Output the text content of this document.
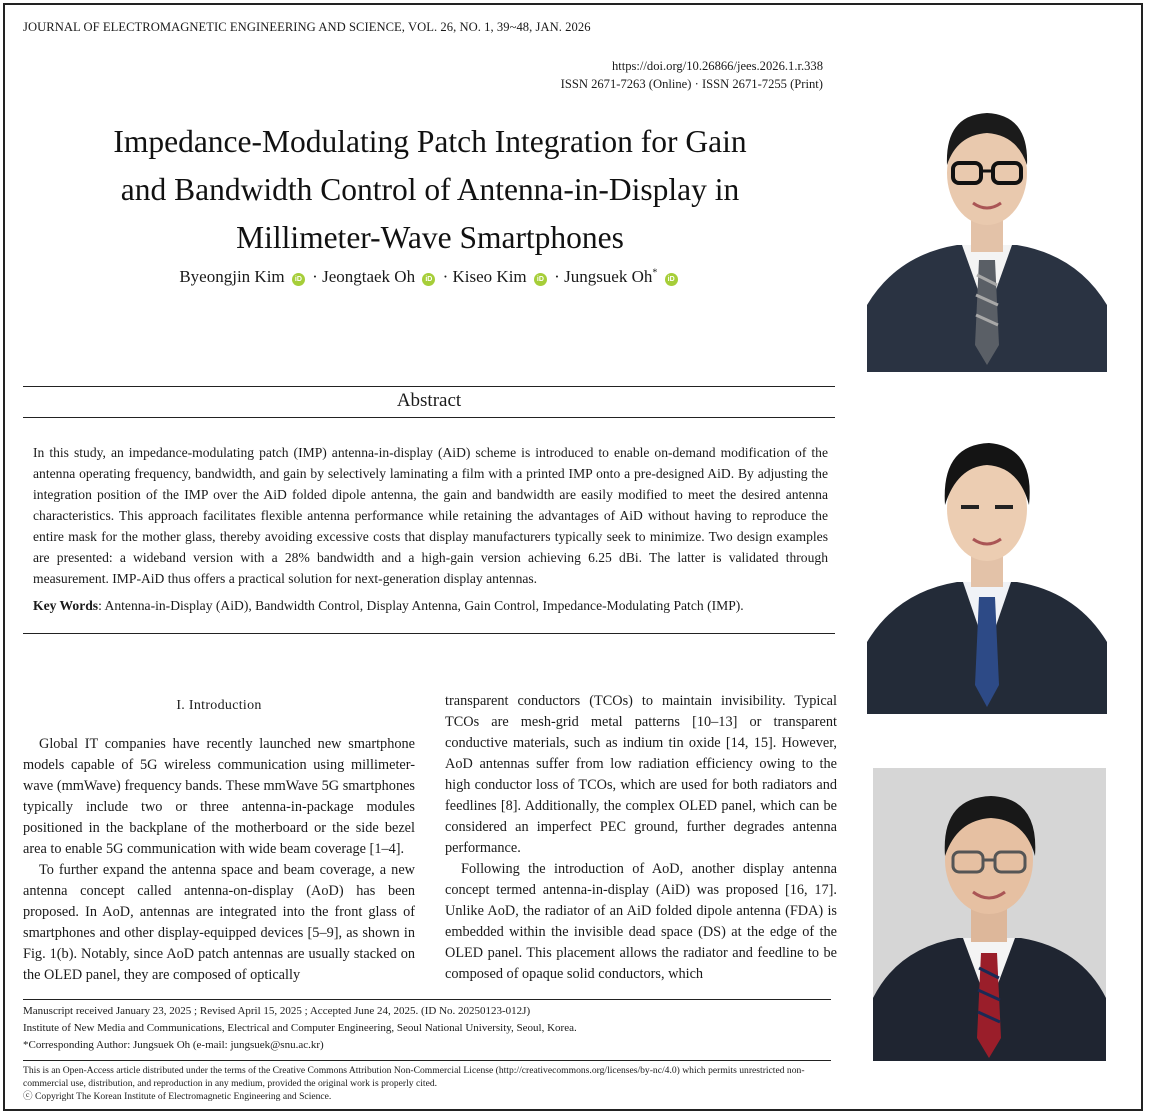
JOURNAL OF ELECTROMAGNETIC ENGINEERING AND SCIENCE, VOL. 26, NO. 1, 39~48, JAN. 2026
https://doi.org/10.26866/jees.2026.1.r.338
ISSN 2671-7263 (Online) · ISSN 2671-7255 (Print)
Impedance-Modulating Patch Integration for Gain
and Bandwidth Control of Antenna-in-Display in
Millimeter-Wave Smartphones
Byeongjin Kim iD · Jeongtaek Oh iD · Kiseo Kim iD · Jungsuek Oh* iD
Abstract
In this study, an impedance-modulating patch (IMP) antenna-in-display (AiD) scheme is introduced to enable on-demand modification of the antenna operating frequency, bandwidth, and gain by selectively laminating a film with a printed IMP onto a pre-designed AiD. By adjusting the integration position of the IMP over the AiD folded dipole antenna, the gain and bandwidth are easily modified to meet the desired antenna characteristics. This approach facilitates flexible antenna performance while retaining the advantages of AiD without having to reproduce the entire mask for the mother glass, thereby avoiding excessive costs that display manufacturers typically seek to minimize. Two design examples are presented: a wideband version with a 28% bandwidth and a high-gain version achieving 6.25 dBi. The latter is validated through measurement. IMP-AiD thus offers a practical solution for next-generation display antennas.
Key Words: Antenna-in-Display (AiD), Bandwidth Control, Display Antenna, Gain Control, Impedance-Modulating Patch (IMP).
I. Introduction

Global IT companies have recently launched new smartphone models capable of 5G wireless communication using millimeter-wave (mmWave) frequency bands. These mmWave 5G smartphones typically include two or three antenna-in-package modules positioned in the backplane of the motherboard or the side bezel area to enable 5G communication with wide beam coverage [1–4].

To further expand the antenna space and beam coverage, a new antenna concept called antenna-on-display (AoD) has been proposed. In AoD, antennas are integrated into the front glass of smartphones and other display-equipped devices [5–9], as shown in Fig. 1(b). Notably, since AoD patch antennas are usually stacked on the OLED panel, they are composed of optically

transparent conductors (TCOs) to maintain invisibility. Typical TCOs are mesh-grid metal patterns [10–13] or transparent conductive materials, such as indium tin oxide [14, 15]. However, AoD antennas suffer from low radiation efficiency owing to the high conductor loss of TCOs, which are used for both radiators and feedlines [8]. Additionally, the complex OLED panel, which can be considered an imperfect PEC ground, further degrades antenna performance.

Following the introduction of AoD, another display antenna concept termed antenna-in-display (AiD) was proposed [16, 17]. Unlike AoD, the radiator of an AiD folded dipole antenna (FDA) is embedded within the invisible dead space (DS) at the edge of the OLED panel. This placement allows the radiator and feedline to be composed of opaque solid conductors, which

Manuscript received January 23, 2025 ; Revised April 15, 2025 ; Accepted June 24, 2025. (ID No. 20250123-012J)
Institute of New Media and Communications, Electrical and Computer Engineering, Seoul National University, Seoul, Korea.
*Corresponding Author: Jungsuek Oh (e-mail: jungsuek@snu.ac.kr)
This is an Open-Access article distributed under the terms of the Creative Commons Attribution Non-Commercial License (http://creativecommons.org/licenses/by-nc/4.0) which permits unrestricted non-commercial use, distribution, and reproduction in any medium, provided the original work is properly cited.
ⓒ Copyright The Korean Institute of Electromagnetic Engineering and Science.
